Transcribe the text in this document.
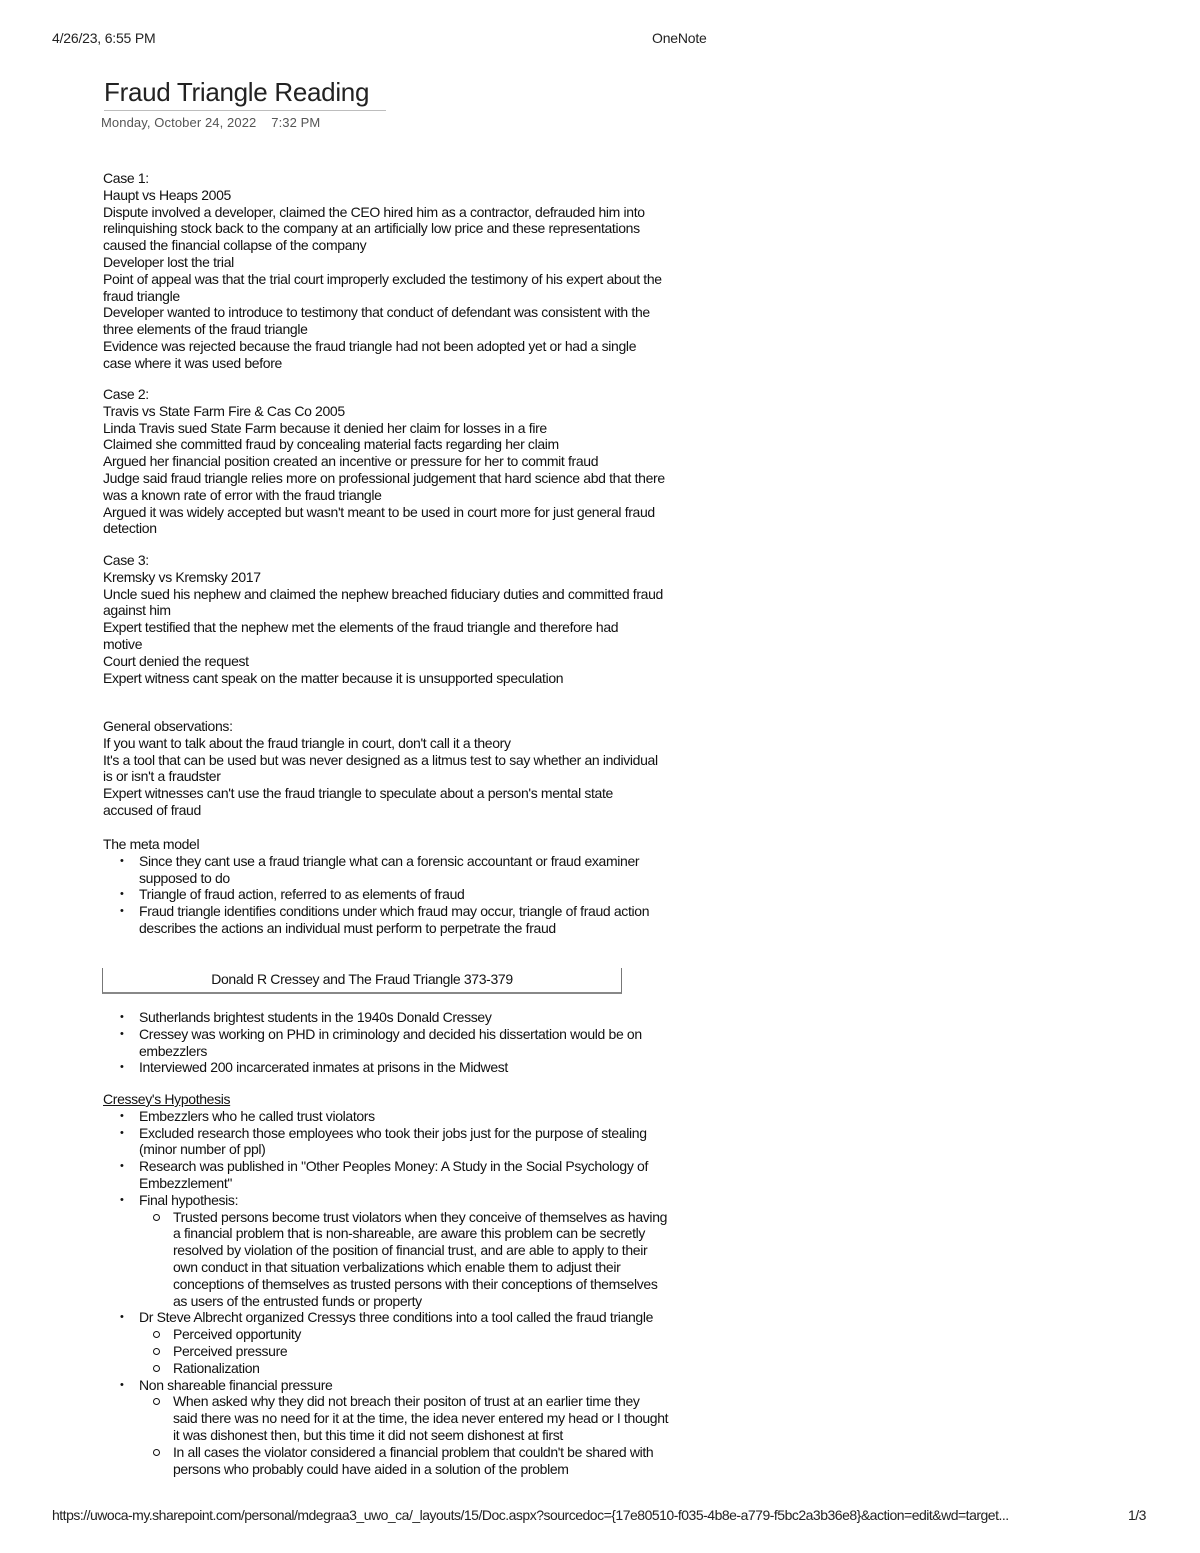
4/26/23, 6:55 PM	OneNote
Fraud Triangle Reading
Monday, October 24, 2022 7:32 PM
Case 1:
Haupt vs Heaps 2005
Dispute involved a developer, claimed the CEO hired him as a contractor, defrauded him into
relinquishing stock back to the company at an artificially low price and these representations
caused the financial collapse of the company
Developer lost the trial
Point of appeal was that the trial court improperly excluded the testimony of his expert about the
fraud triangle
Developer wanted to introduce to testimony that conduct of defendant was consistent with the
three elements of the fraud triangle
Evidence was rejected because the fraud triangle had not been adopted yet or had a single
case where it was used before
Case 2:
Travis vs State Farm Fire & Cas Co 2005
Linda Travis sued State Farm because it denied her claim for losses in a fire
Claimed she committed fraud by concealing material facts regarding her claim
Argued her financial position created an incentive or pressure for her to commit fraud
Judge said fraud triangle relies more on professional judgement that hard science abd that there
was a known rate of error with the fraud triangle
Argued it was widely accepted but wasn't meant to be used in court more for just general fraud
detection
Case 3:
Kremsky vs Kremsky 2017
Uncle sued his nephew and claimed the nephew breached fiduciary duties and committed fraud
against him
Expert testified that the nephew met the elements of the fraud triangle and therefore had
motive
Court denied the request
Expert witness cant speak on the matter because it is unsupported speculation
General observations:
If you want to talk about the fraud triangle in court, don't call it a theory
It's a tool that can be used but was never designed as a litmus test to say whether an individual
is or isn't a fraudster
Expert witnesses can't use the fraud triangle to speculate about a person's mental state
accused of fraud
The meta model
• Since they cant use a fraud triangle what can a forensic accountant or fraud examiner
supposed to do
• Triangle of fraud action, referred to as elements of fraud
• Fraud triangle identifies conditions under which fraud may occur, triangle of fraud action
describes the actions an individual must perform to perpetrate the fraud
Donald R Cressey and The Fraud Triangle 373-379
• Sutherlands brightest students in the 1940s Donald Cressey
• Cressey was working on PHD in criminology and decided his dissertation would be on
embezzlers
• Interviewed 200 incarcerated inmates at prisons in the Midwest
Cressey's Hypothesis
• Embezzlers who he called trust violators
• Excluded research those employees who took their jobs just for the purpose of stealing
(minor number of ppl)
• Research was published in "Other Peoples Money: A Study in the Social Psychology of
Embezzlement"
• Final hypothesis:
Trusted persons become trust violators when they conceive of themselves as having
a financial problem that is non-shareable, are aware this problem can be secretly
resolved by violation of the position of financial trust, and are able to apply to their
own conduct in that situation verbalizations which enable them to adjust their
conceptions of themselves as trusted persons with their conceptions of themselves
as users of the entrusted funds or property
• Dr Steve Albrecht organized Cressys three conditions into a tool called the fraud triangle
Perceived opportunity
Perceived pressure
Rationalization
• Non shareable financial pressure
When asked why they did not breach their positon of trust at an earlier time they
said there was no need for it at the time, the idea never entered my head or I thought
it was dishonest then, but this time it did not seem dishonest at first
In all cases the violator considered a financial problem that couldn't be shared with
persons who probably could have aided in a solution of the problem
https://uwoca-my.sharepoint.com/personal/mdegraa3_uwo_ca/_layouts/15/Doc.aspx?sourcedoc={17e80510-f035-4b8e-a779-f5bc2a3b36e8}&action=edit&wd=target...	1/3
